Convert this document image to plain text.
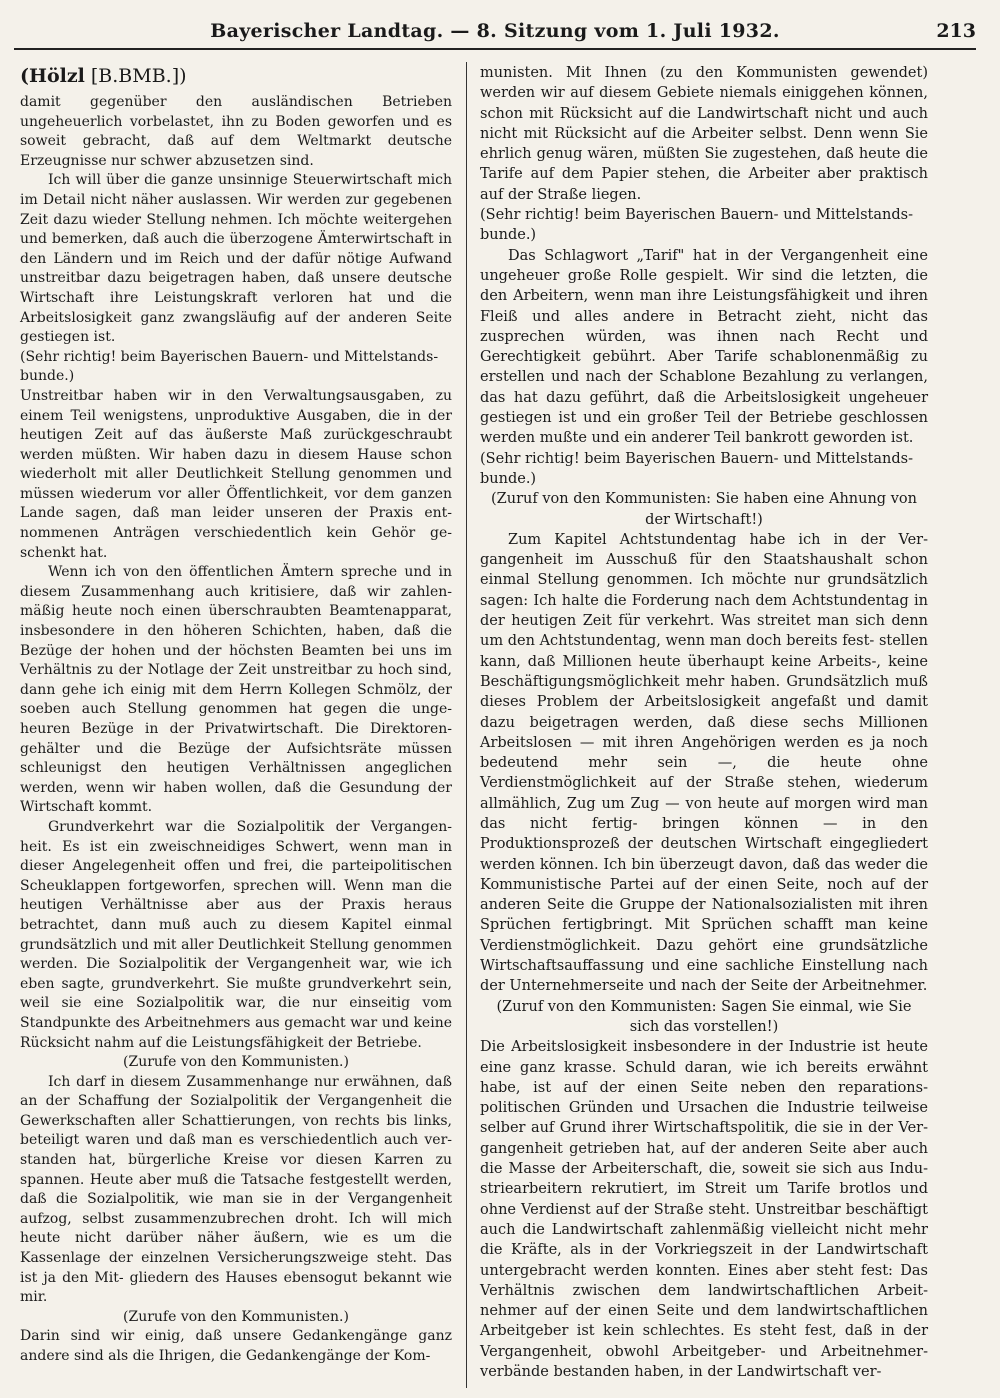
Bayerischer Landtag. — 8. Sitzung vom 1. Juli 1932.	213
(Hölzl [B.BMB.])

damit gegenüber den ausländischen Betrieben ungeheuerlich vorbelastet, ihn zu Boden geworfen und es soweit gebracht, daß auf dem Weltmarkt deutsche Erzeugnisse nur schwer abzusetzen sind.

Ich will über die ganze unsinnige Steuerwirtschaft mich im Detail nicht näher auslassen. Wir werden zur gegebenen Zeit dazu wieder Stellung nehmen. Ich möchte weitergehen und bemerken, daß auch die überzogene Ämterwirtschaft in den Ländern und im Reich und der dafür nötige Aufwand unstreitbar dazu beigetragen haben, daß unsere deutsche Wirtschaft ihre Leistungskraft verloren hat und die Arbeitslosigkeit ganz zwangsläufig auf der anderen Seite gestiegen ist.

(Sehr richtig! beim Bayerischen Bauern- und Mittelstands- bunde.)

Unstreitbar haben wir in den Verwaltungsausgaben, zu einem Teil wenigstens, unproduktive Ausgaben, die in der heutigen Zeit auf das äußerste Maß zurückgeschraubt werden müßten. Wir haben dazu in diesem Hause schon wiederholt mit aller Deutlichkeit Stellung genommen und müssen wiederum vor aller Öffentlichkeit, vor dem ganzen Lande sagen, daß man leider unseren der Praxis ent- nommenen Anträgen verschiedentlich kein Gehör ge- schenkt hat.

Wenn ich von den öffentlichen Ämtern spreche und in diesem Zusammenhang auch kritisiere, daß wir zahlen- mäßig heute noch einen überschraubten Beamtenapparat, insbesondere in den höheren Schichten, haben, daß die Bezüge der hohen und der höchsten Beamten bei uns im Verhältnis zu der Notlage der Zeit unstreitbar zu hoch sind, dann gehe ich einig mit dem Herrn Kollegen Schmölz, der soeben auch Stellung genommen hat gegen die unge- heuren Bezüge in der Privatwirtschaft. Die Direktoren- gehälter und die Bezüge der Aufsichtsräte müssen schleunigst den heutigen Verhältnissen angeglichen werden, wenn wir haben wollen, daß die Gesundung der Wirtschaft kommt.

Grundverkehrt war die Sozialpolitik der Vergangen- heit. Es ist ein zweischneidiges Schwert, wenn man in dieser Angelegenheit offen und frei, die parteipolitischen Scheuklappen fortgeworfen, sprechen will. Wenn man die heutigen Verhältnisse aber aus der Praxis heraus betrachtet, dann muß auch zu diesem Kapitel einmal grundsätzlich und mit aller Deutlichkeit Stellung genommen werden. Die Sozialpolitik der Vergangenheit war, wie ich eben sagte, grundverkehrt. Sie mußte grundverkehrt sein, weil sie eine Sozialpolitik war, die nur einseitig vom Standpunkte des Arbeitnehmers aus gemacht war und keine Rücksicht nahm auf die Leistungsfähigkeit der Betriebe.

(Zurufe von den Kommunisten.)

Ich darf in diesem Zusammenhange nur erwähnen, daß an der Schaffung der Sozialpolitik der Vergangenheit die Gewerkschaften aller Schattierungen, von rechts bis links, beteiligt waren und daß man es verschiedentlich auch ver- standen hat, bürgerliche Kreise vor diesen Karren zu spannen. Heute aber muß die Tatsache festgestellt werden, daß die Sozialpolitik, wie man sie in der Vergangenheit aufzog, selbst zusammenzubrechen droht. Ich will mich heute nicht darüber näher äußern, wie es um die Kassenlage der einzelnen Versicherungszweige steht. Das ist ja den Mit- gliedern des Hauses ebensogut bekannt wie mir.

(Zurufe von den Kommunisten.)

Darin sind wir einig, daß unsere Gedankengänge ganz andere sind als die Ihrigen, die Gedankengänge der Kom-

munisten. Mit Ihnen (zu den Kommunisten gewendet) werden wir auf diesem Gebiete niemals einiggehen können, schon mit Rücksicht auf die Landwirtschaft nicht und auch nicht mit Rücksicht auf die Arbeiter selbst. Denn wenn Sie ehrlich genug wären, müßten Sie zugestehen, daß heute die Tarife auf dem Papier stehen, die Arbeiter aber praktisch auf der Straße liegen.

(Sehr richtig! beim Bayerischen Bauern- und Mittelstands- bunde.)

Das Schlagwort „Tarif" hat in der Vergangenheit eine ungeheuer große Rolle gespielt. Wir sind die letzten, die den Arbeitern, wenn man ihre Leistungsfähigkeit und ihren Fleiß und alles andere in Betracht zieht, nicht das zusprechen würden, was ihnen nach Recht und Gerechtigkeit gebührt. Aber Tarife schablonenmäßig zu erstellen und nach der Schablone Bezahlung zu verlangen, das hat dazu geführt, daß die Arbeitslosigkeit ungeheuer gestiegen ist und ein großer Teil der Betriebe geschlossen werden mußte und ein anderer Teil bankrott geworden ist.

(Sehr richtig! beim Bayerischen Bauern- und Mittelstands- bunde.)

(Zuruf von den Kommunisten: Sie haben eine Ahnung von der Wirtschaft!)

Zum Kapitel Achtstundentag habe ich in der Ver- gangenheit im Ausschuß für den Staatshaushalt schon einmal Stellung genommen. Ich möchte nur grundsätzlich sagen: Ich halte die Forderung nach dem Achtstundentag in der heutigen Zeit für verkehrt. Was streitet man sich denn um den Achtstundentag, wenn man doch bereits fest- stellen kann, daß Millionen heute überhaupt keine Arbeits-, keine Beschäftigungsmöglichkeit mehr haben. Grundsätzlich muß dieses Problem der Arbeitslosigkeit angefaßt und damit dazu beigetragen werden, daß diese sechs Millionen Arbeitslosen — mit ihren Angehörigen werden es ja noch bedeutend mehr sein —, die heute ohne Verdienstmöglichkeit auf der Straße stehen, wiederum allmählich, Zug um Zug — von heute auf morgen wird man das nicht fertig- bringen können — in den Produktionsprozeß der deutschen Wirtschaft eingegliedert werden können. Ich bin überzeugt davon, daß das weder die Kommunistische Partei auf der einen Seite, noch auf der anderen Seite die Gruppe der Nationalsozialisten mit ihren Sprüchen fertigbringt. Mit Sprüchen schafft man keine Verdienstmöglichkeit. Dazu gehört eine grundsätzliche Wirtschaftsauffassung und eine sachliche Einstellung nach der Unternehmerseite und nach der Seite der Arbeitnehmer.

(Zuruf von den Kommunisten: Sagen Sie einmal, wie Sie sich das vorstellen!)

Die Arbeitslosigkeit insbesondere in der Industrie ist heute eine ganz krasse. Schuld daran, wie ich bereits erwähnt habe, ist auf der einen Seite neben den reparations- politischen Gründen und Ursachen die Industrie teilweise selber auf Grund ihrer Wirtschaftspolitik, die sie in der Ver- gangenheit getrieben hat, auf der anderen Seite aber auch die Masse der Arbeiterschaft, die, soweit sie sich aus Indu- striearbeitern rekrutiert, im Streit um Tarife brotlos und ohne Verdienst auf der Straße steht. Unstreitbar beschäftigt auch die Landwirtschaft zahlenmäßig vielleicht nicht mehr die Kräfte, als in der Vorkriegszeit in der Landwirtschaft untergebracht werden konnten. Eines aber steht fest: Das Verhältnis zwischen dem landwirtschaftlichen Arbeit- nehmer auf der einen Seite und dem landwirtschaftlichen Arbeitgeber ist kein schlechtes. Es steht fest, daß in der Vergangenheit, obwohl Arbeitgeber- und Arbeitnehmer- verbände bestanden haben, in der Landwirtschaft ver-
